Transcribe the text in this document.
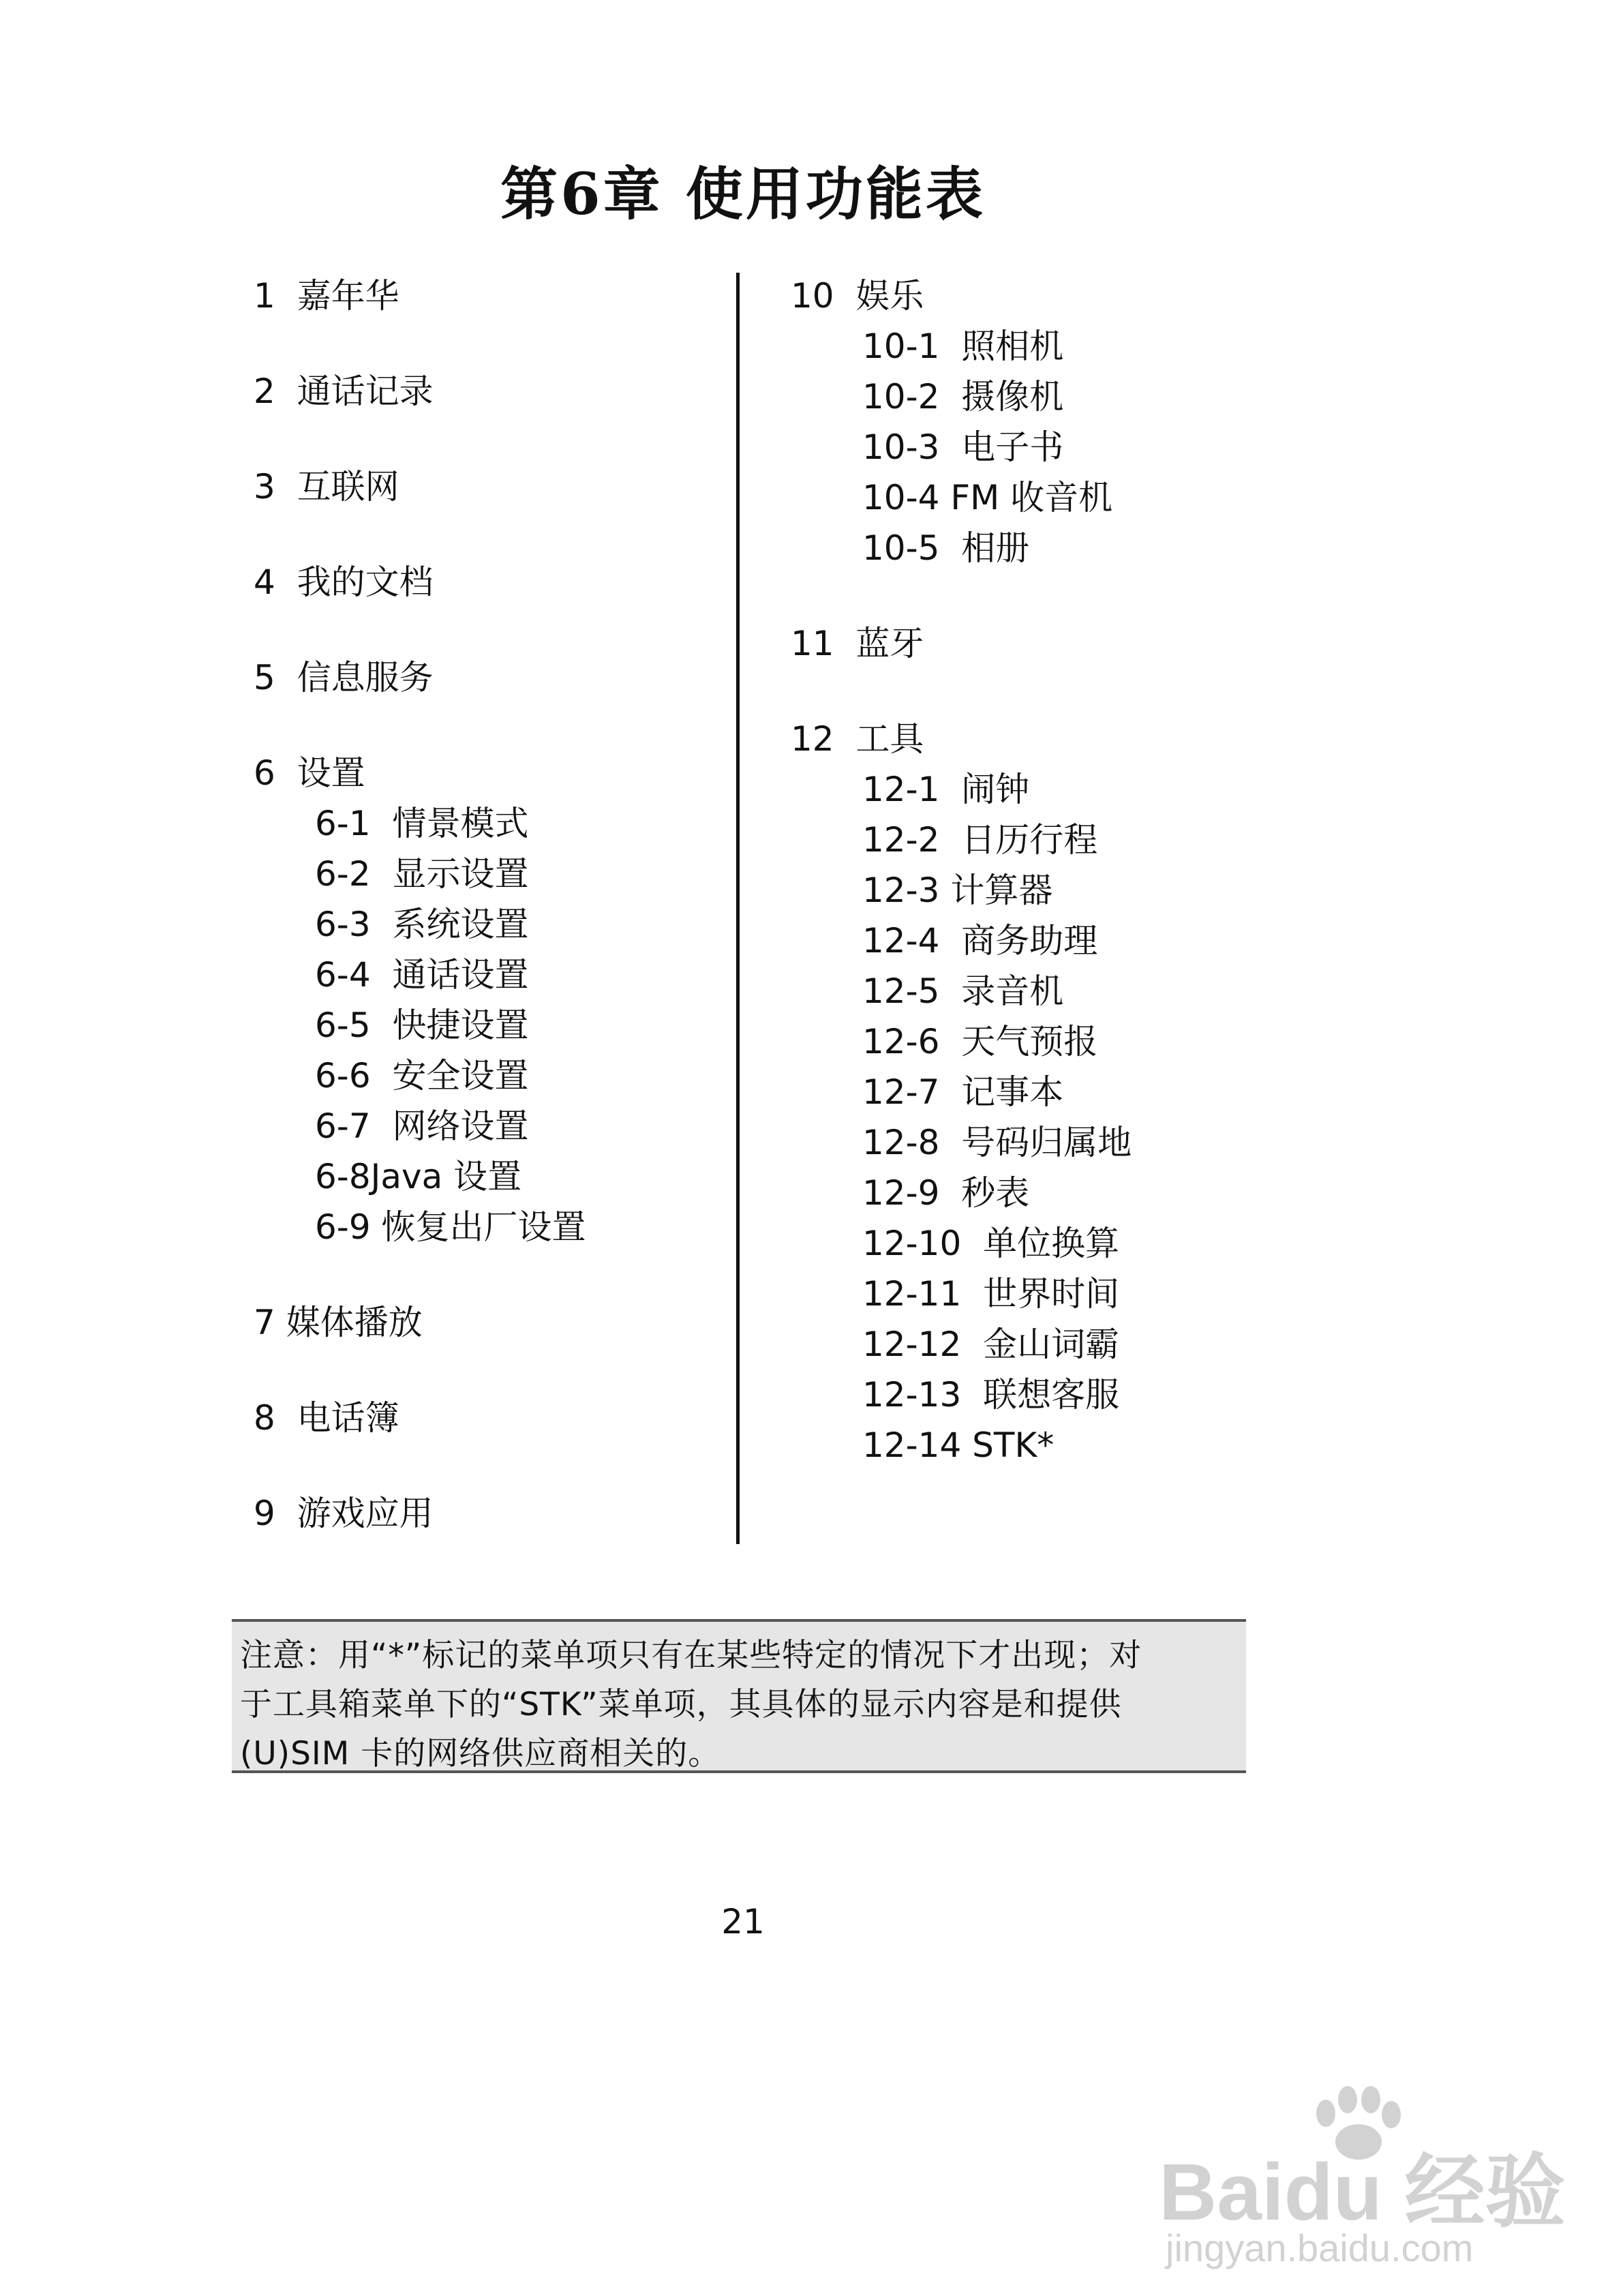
第6章 使用功能表
1  嘉年华
2  通话记录
3  互联网
4  我的文档
5  信息服务
6  设置
6-1  情景模式
6-2  显示设置
6-3  系统设置
6-4  通话设置
6-5  快捷设置
6-6  安全设置
6-7  网络设置
6-8Java 设置
6-9 恢复出厂设置
7 媒体播放
8  电话簿
9  游戏应用
10  娱乐
10-1  照相机
10-2  摄像机
10-3  电子书
10-4 FM 收音机
10-5  相册
11  蓝牙
12  工具
12-1  闹钟
12-2  日历行程
12-3 计算器
12-4  商务助理
12-5  录音机
12-6  天气预报
12-7  记事本
12-8  号码归属地
12-9  秒表
12-10  单位换算
12-11  世界时间
12-12  金山词霸
12-13  联想客服
12-14 STK*
注意：用“*”标记的菜单项只有在某些特定的情况下才出现；对
于工具箱菜单下的“STK”菜单项，其具体的显示内容是和提供
(U)SIM 卡的网络供应商相关的。
21
Baidu 经验
jingyan.baidu.com
